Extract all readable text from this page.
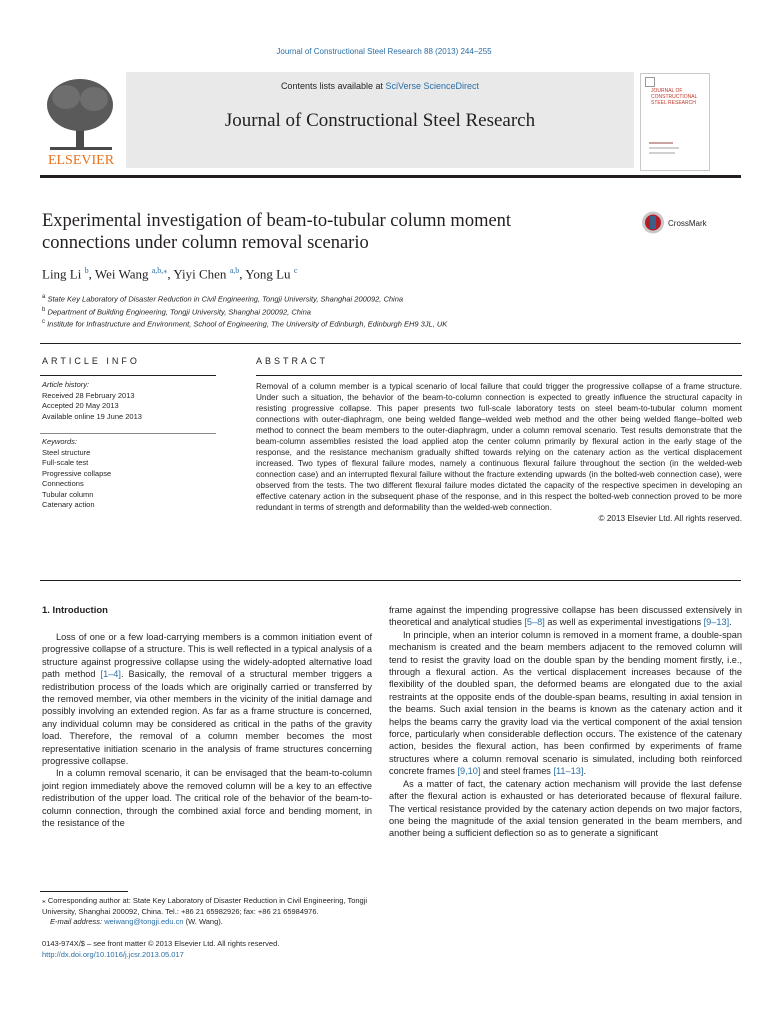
Journal of Constructional Steel Research 88 (2013) 244–255
ELSEVIER
Contents lists available at SciVerse ScienceDirect
Journal of Constructional Steel Research
JOURNAL OF
CONSTRUCTIONAL
STEEL RESEARCH
Experimental investigation of beam-to-tubular column moment connections under column removal scenario
CrossMark
Ling Li $^b$, Wei Wang $^{a,b,⁎}$, Yiyi Chen $^{a,b}$, Yong Lu $^c$
$^a$ State Key Laboratory of Disaster Reduction in Civil Engineering, Tongji University, Shanghai 200092, China
$^b$ Department of Building Engineering, Tongji University, Shanghai 200092, China
$^c$ Institute for Infrastructure and Environment, School of Engineering, The University of Edinburgh, Edinburgh EH9 3JL, UK
ARTICLE INFO	ABSTRACT
Article history:
Received 28 February 2013
Accepted 20 May 2013
Available online 19 June 2013
Keywords:
Steel structure
Full-scale test
Progressive collapse
Connections
Tubular column
Catenary action
Removal of a column member is a typical scenario of local failure that could trigger the progressive collapse of a frame structure. Under such a situation, the behavior of the beam-to-column connection is expected to greatly influence the structural capacity in resisting progressive collapse. This paper presents two full-scale laboratory tests on steel beam-to-tubular column moment connections with outer-diaphragm, one being welded flange–welded web method and the other being welded flange–bolted web method to connect the beam members to the outer-diaphragm, under a column removal scenario. Test results demonstrate that the beam-column assemblies resisted the load applied atop the center column primarily by flexural action in the early stage of the response, and the resistance mechanism gradually shifted towards relying on the catenary action as the vertical displacement increased. Two types of flexural failure modes, namely a continuous flexural failure throughout the section (in the welded-web connection case) and an interrupted flexural failure without the fracture extending upwards (in the bolted-web connection case), were observed from the tests. The two different flexural failure modes dictated the capacity of the respective specimen in developing an effective catenary action in the subsequent phase of the response, and in this respect the bolted-web connection proved to be more redundant in terms of strength and deformability than the welded-web connection.
© 2013 Elsevier Ltd. All rights reserved.
1. Introduction

Loss of one or a few load-carrying members is a common initiation event of progressive collapse of a structure. This is well reflected in a typical analysis of a structure against progressive collapse using the widely-adopted alternative load path method [1–4]. Basically, the removal of a structural member triggers a redistribution process of the loads which are originally carried or transferred by the removed member, via other members in the vicinity of the initial damage and possibly involving an extended region. As far as a frame structure is concerned, any individual column may be considered as critical in the paths of the gravity load. Therefore, the removal of a column member becomes the most representative initiation scenario in the analysis of frame structures concerning progressive collapse.

In a column removal scenario, it can be envisaged that the beam-to-column joint region immediately above the removed column will be a key to an effective redistribution of the upper load. The critical role of the behavior of the beam-to-column connection, through the combined axial force and bending moment, in the resistance of the

frame against the impending progressive collapse has been discussed extensively in theoretical and analytical studies [5–8] as well as experimental investigations [9–13].

In principle, when an interior column is removed in a moment frame, a double-span mechanism is created and the beam members adjacent to the removed column will tend to resist the gravity load on the double span by the bending moment firstly, i.e., through a flexural action. As the vertical displacement increases because of the flexibility of the doubled span, the deformed beams are elongated due to the axial restraints at the opposite ends of the double-span beams, resulting in axial tension in the beams. Such axial tension in the beams is known as the catenary action and it helps the beams carry the gravity load via the vertical component of the axial tension force, particularly when considerable deflection occurs. The existence of the catenary action, besides the flexural action, has been confirmed by experiments of frame structures where a column removal scenario is simulated, including both reinforced concrete frames [9,10] and steel frames [11–13].

As a matter of fact, the catenary action mechanism will provide the last defense after the flexural action is exhausted or has deteriorated because of flexural failure. The vertical resistance provided by the catenary action depends on two major factors, one being the magnitude of the axial tension generated in the beam members, and another being a sufficient deflection so as to generate a significant

⁎ Corresponding author at: State Key Laboratory of Disaster Reduction in Civil Engineering, Tongji University, Shanghai 200092, China. Tel.: +86 21 65982926; fax: +86 21 65984976.
E-mail address: weiwang@tongji.edu.cn (W. Wang).
0143-974X/$ – see front matter © 2013 Elsevier Ltd. All rights reserved.
http://dx.doi.org/10.1016/j.jcsr.2013.05.017
